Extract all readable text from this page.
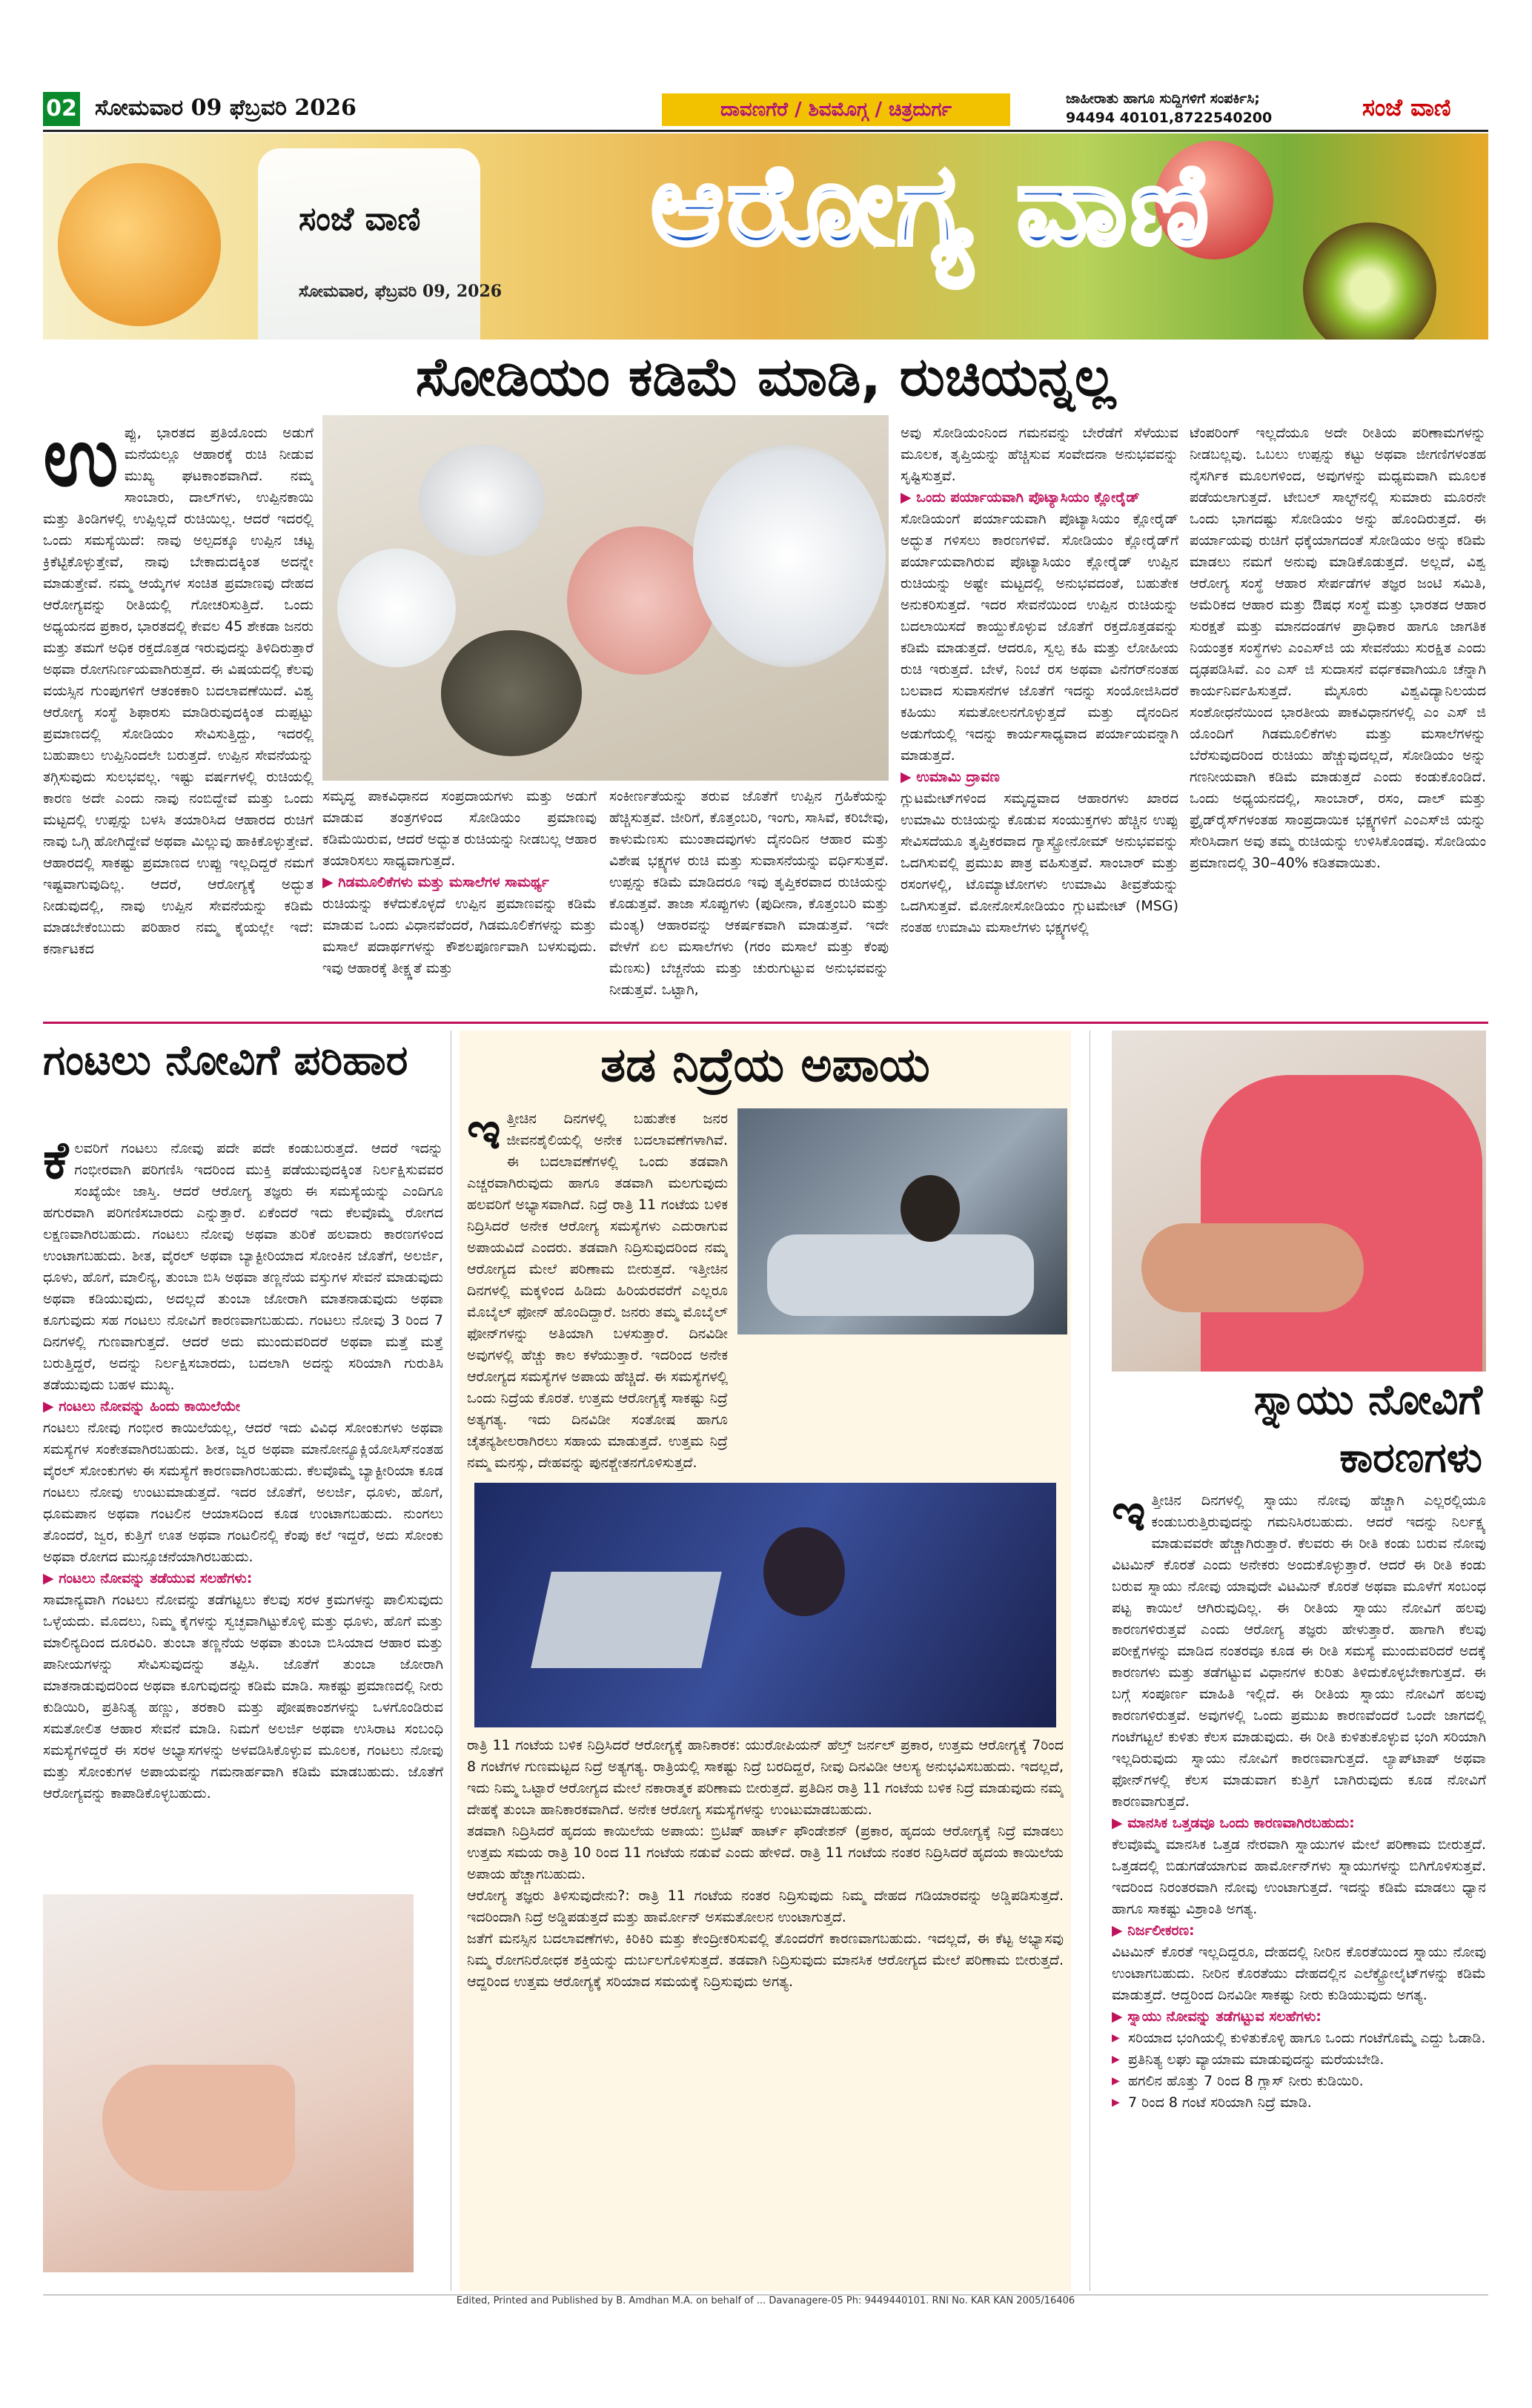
02 ಸೋಮವಾರ 09 ಫೆಬ್ರವರಿ 2026	ದಾವಣಗೆರೆ / ಶಿವಮೊಗ್ಗ / ಚಿತ್ರದುರ್ಗ	ಜಾಹೀರಾತು ಹಾಗೂ ಸುದ್ದಿಗಳಿಗೆ ಸಂಪರ್ಕಿಸಿ;
94494 40101,8722540200	ಸಂಜೆ ವಾಣಿ
ಸಂಜೆ ವಾಣಿ
ಸೋಮವಾರ, ಫೆಬ್ರವರಿ 09, 2026
ಆರೋಗ್ಯ ವಾಣಿ
ಸೋಡಿಯಂ ಕಡಿಮೆ ಮಾಡಿ, ರುಚಿಯನ್ನಲ್ಲ
ಉ ಪ್ಪು, ಭಾರತದ ಪ್ರತಿಯೊಂದು ಅಡುಗೆ ಮನೆಯಲ್ಲೂ ಆಹಾರಕ್ಕೆ ರುಚಿ ನೀಡುವ ಮುಖ್ಯ ಘಟಕಾಂಶವಾಗಿದೆ. ನಮ್ಮ ಸಾಂಬಾರು, ದಾಲ್‌ಗಳು, ಉಪ್ಪಿನಕಾಯಿ ಮತ್ತು ತಿಂಡಿಗಳಲ್ಲಿ ಉಪ್ಪಿಲ್ಲದೆ ರುಚಿಯಿಲ್ಲ. ಆದರೆ ಇದರಲ್ಲಿ ಒಂದು ಸಮಸ್ಯೆಯಿದೆ: ನಾವು ಅಲ್ಪದಕ್ಕೂ ಉಪ್ಪಿನ ಚಟ್ಟ ಕ್ರಿಕೆಟ್ಟಿಕೊಳ್ಳುತ್ತೇವೆ, ನಾವು ಬೇಕಾದುದಕ್ಕಿಂತ ಅದನ್ನೇ ಮಾಡುತ್ತೇವೆ. ನಮ್ಮ ಆಯ್ಕೆಗಳ ಸಂಚಿತ ಪ್ರಮಾಣವು ದೇಹದ ಆರೋಗ್ಯವನ್ನು ರೀತಿಯಲ್ಲಿ ಗೋಚರಿಸುತ್ತಿದೆ. ಒಂದು ಅಧ್ಯಯನದ ಪ್ರಕಾರ, ಭಾರತದಲ್ಲಿ ಕೇವಲ 45 ಶೇಕಡಾ ಜನರು ಮತ್ತು ತಮಗೆ ಅಧಿಕ ರಕ್ತದೊತ್ತಡ ಇರುವುದನ್ನು ತಿಳಿದಿರುತ್ತಾರೆ ಅಥವಾ ರೋಗನಿರ್ಣಯವಾಗಿರುತ್ತದೆ. ಈ ವಿಷಯದಲ್ಲಿ ಕೆಲವು ವಯಸ್ಸಿನ ಗುಂಪುಗಳಿಗೆ ಆತಂಕಕಾರಿ ಬದಲಾವಣೆಯಿದೆ. ವಿಶ್ವ ಆರೋಗ್ಯ ಸಂಸ್ಥೆ ಶಿಫಾರಸು ಮಾಡಿರುವುದಕ್ಕಿಂತ ದುಪ್ಪಟ್ಟು ಪ್ರಮಾಣದಲ್ಲಿ ಸೋಡಿಯಂ ಸೇವಿಸುತ್ತಿದ್ದು, ಇದರಲ್ಲಿ ಬಹುಪಾಲು ಉಪ್ಪಿನಿಂದಲೇ ಬರುತ್ತದೆ. ಉಪ್ಪಿನ ಸೇವನೆಯನ್ನು ತಗ್ಗಿಸುವುದು ಸುಲಭವಲ್ಲ. ಇಷ್ಟು ವರ್ಷಗಳಲ್ಲಿ ರುಚಿಯಲ್ಲಿ ಕಾರಣ ಅದೇ ಎಂದು ನಾವು ನಂಬಿದ್ದೇವೆ ಮತ್ತು ಒಂದು ಮಟ್ಟದಲ್ಲಿ ಉಪ್ಪನ್ನು ಬಳಸಿ ತಯಾರಿಸಿದ ಆಹಾರದ ರುಚಿಗೆ ನಾವು ಒಗ್ಗಿ ಹೋಗಿದ್ದೇವೆ ಅಥವಾ ಮಿಲ್ಲುವು ಹಾಕಿಕೊಳ್ಳುತ್ತೇವೆ. ಆಹಾರದಲ್ಲಿ ಸಾಕಷ್ಟು ಪ್ರಮಾಣದ ಉಪ್ಪು ಇಲ್ಲದಿದ್ದರೆ ನಮಗೆ ಇಷ್ಟವಾಗುವುದಿಲ್ಲ. ಆದರೆ, ಆರೋಗ್ಯಕ್ಕೆ ಅದ್ಭುತ ನೀಡುವುದಲ್ಲಿ, ನಾವು ಉಪ್ಪಿನ ಸೇವನೆಯನ್ನು ಕಡಿಮೆ ಮಾಡಬೇಕೆಂಬುದು ಪರಿಹಾರ ನಮ್ಮ ಕೈಯಲ್ಲೇ ಇದೆ: ಕರ್ನಾಟಕದ
ಸಮೃದ್ಧ ಪಾಕವಿಧಾನದ ಸಂಪ್ರದಾಯಗಳು ಮತ್ತು ಅಡುಗೆ ಮಾಡುವ ತಂತ್ರಗಳಿಂದ ಸೋಡಿಯಂ ಪ್ರಮಾಣವು ಕಡಿಮೆಯಿರುವ, ಆದರೆ ಅದ್ಭುತ ರುಚಿಯನ್ನು ನೀಡಬಲ್ಲ ಆಹಾರ ತಯಾರಿಸಲು ಸಾಧ್ಯವಾಗುತ್ತದೆ.
▶ ಗಿಡಮೂಲಿಕೆಗಳು ಮತ್ತು ಮಸಾಲೆಗಳ ಸಾಮರ್ಥ್ಯ
ರುಚಿಯನ್ನು ಕಳೆದುಕೊಳ್ಳದೆ ಉಪ್ಪಿನ ಪ್ರಮಾಣವನ್ನು ಕಡಿಮೆ ಮಾಡುವ ಒಂದು ವಿಧಾನವೆಂದರೆ, ಗಿಡಮೂಲಿಕೆಗಳನ್ನು ಮತ್ತು ಮಸಾಲೆ ಪದಾರ್ಥಗಳನ್ನು ಕೌಶಲಪೂರ್ಣವಾಗಿ ಬಳಸುವುದು. ಇವು ಆಹಾರಕ್ಕೆ ತೀಕ್ಷ್ಣತೆ ಮತ್ತು
ಸಂಕೀರ್ಣತೆಯನ್ನು ತರುವ ಜೊತೆಗೆ ಉಪ್ಪಿನ ಗ್ರಹಿಕೆಯನ್ನು ಹೆಚ್ಚಿಸುತ್ತವೆ. ಜೀರಿಗೆ, ಕೊತ್ತಂಬರಿ, ಇಂಗು, ಸಾಸಿವೆ, ಕರಿಬೇವು, ಕಾಳುಮೆಣಸು ಮುಂತಾದವುಗಳು ದೈನಂದಿನ ಆಹಾರ ಮತ್ತು ವಿಶೇಷ ಭಕ್ಷ್ಯಗಳ ರುಚಿ ಮತ್ತು ಸುವಾಸನೆಯನ್ನು ವರ್ಧಿಸುತ್ತವೆ. ಉಪ್ಪನ್ನು ಕಡಿಮೆ ಮಾಡಿದರೂ ಇವು ತೃಪ್ತಿಕರವಾದ ರುಚಿಯನ್ನು ಕೊಡುತ್ತವೆ. ತಾಜಾ ಸೊಪ್ಪುಗಳು (ಪುದೀನಾ, ಕೊತ್ತಂಬರಿ ಮತ್ತು ಮೆಂತ್ಯ) ಆಹಾರವನ್ನು ಆಕರ್ಷಕವಾಗಿ ಮಾಡುತ್ತವೆ. ಇದೇ ವೇಳೆಗೆ ಏಲ ಮಸಾಲೆಗಳು (ಗರಂ ಮಸಾಲೆ ಮತ್ತು ಕೆಂಪು ಮೆಣಸು) ಬೆಚ್ಚನೆಯ ಮತ್ತು ಚುರುಗುಟ್ಟುವ ಅನುಭವವನ್ನು ನೀಡುತ್ತವೆ. ಒಟ್ಟಾಗಿ,
ಅವು ಸೋಡಿಯಂನಿಂದ ಗಮನವನ್ನು ಬೇರೆಡೆಗೆ ಸೆಳೆಯುವ ಮೂಲಕ, ತೃಪ್ತಿಯನ್ನು ಹೆಚ್ಚಿಸುವ ಸಂವೇದನಾ ಅನುಭವವನ್ನು ಸೃಷ್ಟಿಸುತ್ತವೆ.
▶ ಒಂದು ಪರ್ಯಾಯವಾಗಿ ಪೊಟ್ಯಾಸಿಯಂ ಕ್ಲೋರೈಡ್
ಸೋಡಿಯಂಗೆ ಪರ್ಯಾಯವಾಗಿ ಪೊಟ್ಯಾಸಿಯಂ ಕ್ಲೋರೈಡ್ ಅದ್ಭುತ ಗಳಿಸಲು ಕಾರಣಗಳಿವೆ. ಸೋಡಿಯಂ ಕ್ಲೋರೈಡ್‌ಗೆ ಪರ್ಯಾಯವಾಗಿರುವ ಪೊಟ್ಯಾಸಿಯಂ ಕ್ಲೋರೈಡ್ ಉಪ್ಪಿನ ರುಚಿಯನ್ನು ಅಷ್ಟೇ ಮಟ್ಟದಲ್ಲಿ ಅನುಭವದಂತೆ, ಬಹುತೇಕ ಅನುಕರಿಸುತ್ತದೆ. ಇದರ ಸೇವನೆಯಿಂದ ಉಪ್ಪಿನ ರುಚಿಯನ್ನು ಬದಲಾಯಿಸದೆ ಕಾಯ್ದುಕೊಳ್ಳುವ ಜೊತೆಗೆ ರಕ್ತದೊತ್ತಡವನ್ನು ಕಡಿಮೆ ಮಾಡುತ್ತದೆ. ಆದರೂ, ಸ್ವಲ್ಪ ಕಹಿ ಮತ್ತು ಲೋಹೀಯ ರುಚಿ ಇರುತ್ತದೆ. ಬೇಳೆ, ನಿಂಬೆ ರಸ ಅಥವಾ ವಿನೆಗರ್‌ನಂತಹ ಬಲವಾದ ಸುವಾಸನೆಗಳ ಜೊತೆಗೆ ಇದನ್ನು ಸಂಯೋಜಿಸಿದರೆ ಕಹಿಯು ಸಮತೋಲನಗೊಳ್ಳುತ್ತದೆ ಮತ್ತು ದೈನಂದಿನ ಅಡುಗೆಯಲ್ಲಿ ಇದನ್ನು ಕಾರ್ಯಸಾಧ್ಯವಾದ ಪರ್ಯಾಯವನ್ನಾಗಿ ಮಾಡುತ್ತದೆ.
▶ ಉಮಾಮಿ ದ್ರಾವಣ
ಗ್ಲುಟಮೇಟ್‌ಗಳಿಂದ ಸಮೃದ್ಧವಾದ ಆಹಾರಗಳು ಖಾರದ ಉಮಾಮಿ ರುಚಿಯನ್ನು ಕೊಡುವ ಸಂಯುಕ್ತಗಳು ಹೆಚ್ಚಿನ ಉಪ್ಪು ಸೇವಿಸದೆಯೂ ತೃಪ್ತಿಕರವಾದ ಗ್ಯಾಸ್ಟ್ರೋನೋಮ್ ಅನುಭವವನ್ನು ಒದಗಿಸುವಲ್ಲಿ ಪ್ರಮುಖ ಪಾತ್ರ ವಹಿಸುತ್ತವೆ. ಸಾಂಬಾರ್ ಮತ್ತು ರಸಂಗಳಲ್ಲಿ, ಟೊಮ್ಯಾಟೋಗಳು ಉಮಾಮಿ ತೀವ್ರತೆಯನ್ನು ಒದಗಿಸುತ್ತವೆ. ಮೋನೋಸೋಡಿಯಂ ಗ್ಲುಟಮೇಟ್ (MSG) ನಂತಹ ಉಮಾಮಿ ಮಸಾಲೆಗಳು ಭಕ್ಷ್ಯಗಳಲ್ಲಿ
ಟೆಂಪರಿಂಗ್ ಇಲ್ಲದೆಯೂ ಅದೇ ರೀತಿಯ ಪರಿಣಾಮಗಳನ್ನು ನೀಡಬಲ್ಲವು. ಒಬಲು ಉಪ್ಪನ್ನು ಕಟ್ಟು ಅಥವಾ ಜೀಗಣಿಗಳಂತಹ ನೈಸರ್ಗಿಕ ಮೂಲಗಳಿಂದ, ಅವುಗಳನ್ನು ಮಧ್ಯಮವಾಗಿ ಮೂಲಕ ಪಡೆಯಲಾಗುತ್ತದೆ. ಟೇಬಲ್ ಸಾಲ್ಟ್‌ನಲ್ಲಿ ಸುಮಾರು ಮೂರನೇ ಒಂದು ಭಾಗದಷ್ಟು ಸೋಡಿಯಂ ಅನ್ನು ಹೊಂದಿರುತ್ತದೆ. ಈ ಪರ್ಯಾಯವು ರುಚಿಗೆ ಧಕ್ಕೆಯಾಗದಂತೆ ಸೋಡಿಯಂ ಅನ್ನು ಕಡಿಮೆ ಮಾಡಲು ನಮಗೆ ಅನುವು ಮಾಡಿಕೊಡುತ್ತದೆ. ಅಲ್ಲದೆ, ವಿಶ್ವ ಆರೋಗ್ಯ ಸಂಸ್ಥೆ ಆಹಾರ ಸೇರ್ಪಡೆಗಳ ತಜ್ಞರ ಜಂಟಿ ಸಮಿತಿ, ಅಮೆರಿಕದ ಆಹಾರ ಮತ್ತು ಔಷಧ ಸಂಸ್ಥೆ ಮತ್ತು ಭಾರತದ ಆಹಾರ ಸುರಕ್ಷತೆ ಮತ್ತು ಮಾನದಂಡಗಳ ಪ್ರಾಧಿಕಾರ ಹಾಗೂ ಜಾಗತಿಕ ನಿಯಂತ್ರಕ ಸಂಸ್ಥೆಗಳು ಎಂಎಸ್‌ಜಿ ಯ ಸೇವನೆಯು ಸುರಕ್ಷಿತ ಎಂದು ದೃಢಪಡಿಸಿವೆ. ಎಂ ಎಸ್ ಜಿ ಸುದಾಸನೆ ವರ್ಧಕವಾಗಿಯೂ ಚೆನ್ನಾಗಿ ಕಾರ್ಯನಿರ್ವಹಿಸುತ್ತದೆ. ಮೈಸೂರು ವಿಶ್ವವಿದ್ಯಾನಿಲಯದ ಸಂಶೋಧನೆಯಿಂದ ಭಾರತೀಯ ಪಾಕವಿಧಾನಗಳಲ್ಲಿ ಎಂ ಎಸ್ ಜಿ ಯೊಂದಿಗೆ ಗಿಡಮೂಲಿಕೆಗಳು ಮತ್ತು ಮಸಾಲೆಗಳನ್ನು ಬೆರೆಸುವುದರಿಂದ ರುಚಿಯು ಹೆಚ್ಚುವುದಲ್ಲದೆ, ಸೋಡಿಯಂ ಅನ್ನು ಗಣನೀಯವಾಗಿ ಕಡಿಮೆ ಮಾಡುತ್ತದೆ ಎಂದು ಕಂಡುಕೊಂಡಿದೆ. ಒಂದು ಅಧ್ಯಯನದಲ್ಲಿ, ಸಾಂಬಾರ್, ರಸಂ, ದಾಲ್ ಮತ್ತು ಫ್ರೈಡ್‌ರೈಸ್‌ಗಳಂತಹ ಸಾಂಪ್ರದಾಯಿಕ ಭಕ್ಷ್ಯಗಳಿಗೆ ಎಂಎಸ್‌ಜಿ ಯನ್ನು ಸೇರಿಸಿದಾಗ ಅವು ತಮ್ಮ ರುಚಿಯನ್ನು ಉಳಿಸಿಕೊಂಡವು. ಸೋಡಿಯಂ ಪ್ರಮಾಣದಲ್ಲಿ 30–40% ಕಡಿತವಾಯಿತು.
ಗಂಟಲು ನೋವಿಗೆ ಪರಿಹಾರ
ಕೆ ಲವರಿಗೆ ಗಂಟಲು ನೋವು ಪದೇ ಪದೇ ಕಂಡುಬರುತ್ತದೆ. ಆದರೆ ಇದನ್ನು ಗಂಭೀರವಾಗಿ ಪರಿಗಣಿಸಿ ಇದರಿಂದ ಮುಕ್ತಿ ಪಡೆಯುವುದಕ್ಕಿಂತ ನಿರ್ಲಕ್ಷಿಸುವವರ ಸಂಖ್ಯೆಯೇ ಜಾಸ್ತಿ. ಆದರೆ ಆರೋಗ್ಯ ತಜ್ಞರು ಈ ಸಮಸ್ಯೆಯನ್ನು ಎಂದಿಗೂ ಹಗುರವಾಗಿ ಪರಿಗಣಿಸಬಾರದು ಎನ್ನುತ್ತಾರೆ. ಏಕೆಂದರೆ ಇದು ಕೆಲವೊಮ್ಮೆ ರೋಗದ ಲಕ್ಷಣವಾಗಿರಬಹುದು. ಗಂಟಲು ನೋವು ಅಥವಾ ತುರಿಕೆ ಹಲವಾರು ಕಾರಣಗಳಿಂದ ಉಂಟಾಗಬಹುದು. ಶೀತ, ವೈರಲ್ ಅಥವಾ ಬ್ಯಾಕ್ಟೀರಿಯಾದ ಸೋಂಕಿನ ಜೊತೆಗೆ, ಅಲರ್ಜಿ, ಧೂಳು, ಹೊಗೆ, ಮಾಲಿನ್ಯ, ತುಂಬಾ ಬಿಸಿ ಅಥವಾ ತಣ್ಣನೆಯ ವಸ್ತುಗಳ ಸೇವನೆ ಮಾಡುವುದು ಅಥವಾ ಕಡಿಯುವುದು, ಅದಲ್ಲದೆ ತುಂಬಾ ಜೋರಾಗಿ ಮಾತನಾಡುವುದು ಅಥವಾ ಕೂಗುವುದು ಸಹ ಗಂಟಲು ನೋವಿಗೆ ಕಾರಣವಾಗಬಹುದು. ಗಂಟಲು ನೋವು 3 ರಿಂದ 7 ದಿನಗಳಲ್ಲಿ ಗುಣವಾಗುತ್ತದೆ. ಆದರೆ ಅದು ಮುಂದುವರಿದರೆ ಅಥವಾ ಮತ್ತೆ ಮತ್ತೆ ಬರುತ್ತಿದ್ದರೆ, ಅದನ್ನು ನಿರ್ಲಕ್ಷಿಸಬಾರದು, ಬದಲಾಗಿ ಅದನ್ನು ಸರಿಯಾಗಿ ಗುರುತಿಸಿ ತಡೆಯುವುದು ಬಹಳ ಮುಖ್ಯ.
▶ ಗಂಟಲು ನೋವನ್ನು ಹಿಂದು ಕಾಯಿಲೆಯೇ
ಗಂಟಲು ನೋವು ಗಂಭೀರ ಕಾಯಿಲೆಯಲ್ಲ, ಆದರೆ ಇದು ವಿವಿಧ ಸೋಂಕುಗಳು ಅಥವಾ ಸಮಸ್ಯೆಗಳ ಸಂಕೇತವಾಗಿರಬಹುದು. ಶೀತ, ಜ್ವರ ಅಥವಾ ಮಾನೋನ್ಯೂಕ್ಲಿಯೋಸಿಸ್‌ನಂತಹ ವೈರಲ್ ಸೋಂಕುಗಳು ಈ ಸಮಸ್ಯೆಗೆ ಕಾರಣವಾಗಿರಬಹುದು. ಕೆಲವೊಮ್ಮೆ ಬ್ಯಾಕ್ಟೀರಿಯಾ ಕೂಡ ಗಂಟಲು ನೋವು ಉಂಟುಮಾಡುತ್ತದೆ. ಇದರ ಜೊತೆಗೆ, ಅಲರ್ಜಿ, ಧೂಳು, ಹೊಗೆ, ಧೂಮಪಾನ ಅಥವಾ ಗಂಟಲಿನ ಆಯಾಸದಿಂದ ಕೂಡ ಉಂಟಾಗಬಹುದು. ನುಂಗಲು ತೊಂದರೆ, ಜ್ವರ, ಕುತ್ತಿಗೆ ಊತ ಅಥವಾ ಗಂಟಲಿನಲ್ಲಿ ಕೆಂಪು ಕಲೆ ಇದ್ದರೆ, ಅದು ಸೋಂಕು ಅಥವಾ ರೋಗದ ಮುನ್ಸೂಚನೆಯಾಗಿರಬಹುದು.
▶ ಗಂಟಲು ನೋವನ್ನು ತಡೆಯುವ ಸಲಹೆಗಳು:
ಸಾಮಾನ್ಯವಾಗಿ ಗಂಟಲು ನೋವನ್ನು ತಡೆಗಟ್ಟಲು ಕೆಲವು ಸರಳ ಕ್ರಮಗಳನ್ನು ಪಾಲಿಸುವುದು ಒಳ್ಳೆಯದು. ಮೊದಲು, ನಿಮ್ಮ ಕೈಗಳನ್ನು ಸ್ವಚ್ಛವಾಗಿಟ್ಟುಕೊಳ್ಳಿ ಮತ್ತು ಧೂಳು, ಹೊಗೆ ಮತ್ತು ಮಾಲಿನ್ಯದಿಂದ ದೂರವಿರಿ. ತುಂಬಾ ತಣ್ಣನೆಯ ಅಥವಾ ತುಂಬಾ ಬಿಸಿಯಾದ ಆಹಾರ ಮತ್ತು ಪಾನೀಯಗಳನ್ನು ಸೇವಿಸುವುದನ್ನು ತಪ್ಪಿಸಿ. ಜೊತೆಗೆ ತುಂಬಾ ಜೋರಾಗಿ ಮಾತನಾಡುವುದರಿಂದ ಅಥವಾ ಕೂಗುವುದನ್ನು ಕಡಿಮೆ ಮಾಡಿ. ಸಾಕಷ್ಟು ಪ್ರಮಾಣದಲ್ಲಿ ನೀರು ಕುಡಿಯಿರಿ, ಪ್ರತಿನಿತ್ಯ ಹಣ್ಣು, ತರಕಾರಿ ಮತ್ತು ಪೋಷಕಾಂಶಗಳನ್ನು ಒಳಗೊಂಡಿರುವ ಸಮತೋಲಿತ ಆಹಾರ ಸೇವನೆ ಮಾಡಿ. ನಿಮಗೆ ಅಲರ್ಜಿ ಅಥವಾ ಉಸಿರಾಟ ಸಂಬಂಧಿ ಸಮಸ್ಯೆಗಳಿದ್ದರೆ ಈ ಸರಳ ಅಭ್ಯಾಸಗಳನ್ನು ಅಳವಡಿಸಿಕೊಳ್ಳುವ ಮೂಲಕ, ಗಂಟಲು ನೋವು ಮತ್ತು ಸೋಂಕುಗಳ ಅಪಾಯವನ್ನು ಗಮನಾರ್ಹವಾಗಿ ಕಡಿಮೆ ಮಾಡಬಹುದು. ಜೊತೆಗೆ ಆರೋಗ್ಯವನ್ನು ಕಾಪಾಡಿಕೊಳ್ಳಬಹುದು.
ತಡ ನಿದ್ರೆಯ ಅಪಾಯ
ಇ ತ್ತೀಚಿನ ದಿನಗಳಲ್ಲಿ ಬಹುತೇಕ ಜನರ ಜೀವನಶೈಲಿಯಲ್ಲಿ ಅನೇಕ ಬದಲಾವಣೆಗಳಾಗಿವೆ. ಈ ಬದಲಾವಣೆಗಳಲ್ಲಿ ಒಂದು ತಡವಾಗಿ ಎಚ್ಚರವಾಗಿರುವುದು ಹಾಗೂ ತಡವಾಗಿ ಮಲಗುವುದು ಹಲವರಿಗೆ ಅಭ್ಯಾಸವಾಗಿದೆ. ನಿದ್ರೆ ರಾತ್ರಿ 11 ಗಂಟೆಯ ಬಳಿಕ ನಿದ್ರಿಸಿದರೆ ಅನೇಕ ಆರೋಗ್ಯ ಸಮಸ್ಯೆಗಳು ಎದುರಾಗುವ ಅಪಾಯವಿದೆ ಎಂದರು. ತಡವಾಗಿ ನಿದ್ರಿಸುವುದರಿಂದ ನಮ್ಮ ಆರೋಗ್ಯದ ಮೇಲೆ ಪರಿಣಾಮ ಬೀರುತ್ತದೆ. ಇತ್ತೀಚಿನ ದಿನಗಳಲ್ಲಿ ಮಕ್ಕಳಿಂದ ಹಿಡಿದು ಹಿರಿಯರವರೆಗೆ ಎಲ್ಲರೂ ಮೊಬೈಲ್ ಫೋನ್ ಹೊಂದಿದ್ದಾರೆ. ಜನರು ತಮ್ಮ ಮೊಬೈಲ್ ಫೋನ್‌ಗಳನ್ನು ಅತಿಯಾಗಿ ಬಳಸುತ್ತಾರೆ. ದಿನವಿಡೀ ಅವುಗಳಲ್ಲಿ ಹೆಚ್ಚು ಕಾಲ ಕಳೆಯುತ್ತಾರೆ. ಇದರಿಂದ ಅನೇಕ ಆರೋಗ್ಯದ ಸಮಸ್ಯೆಗಳ ಅಪಾಯ ಹೆಚ್ಚಿದೆ. ಈ ಸಮಸ್ಯೆಗಳಲ್ಲಿ ಒಂದು ನಿದ್ರೆಯ ಕೊರತೆ. ಉತ್ತಮ ಆರೋಗ್ಯಕ್ಕೆ ಸಾಕಷ್ಟು ನಿದ್ರೆ ಅತ್ಯಗತ್ಯ. ಇದು ದಿನವಿಡೀ ಸಂತೋಷ ಹಾಗೂ ಚೈತನ್ಯಶೀಲರಾಗಿರಲು ಸಹಾಯ ಮಾಡುತ್ತದೆ. ಉತ್ತಮ ನಿದ್ರೆ ನಮ್ಮ ಮನಸ್ಸು, ದೇಹವನ್ನು ಪುನಶ್ಚೇತನಗೊಳಿಸುತ್ತದೆ.
ರಾತ್ರಿ 11 ಗಂಟೆಯ ಬಳಿಕ ನಿದ್ರಿಸಿದರೆ ಆರೋಗ್ಯಕ್ಕೆ ಹಾನಿಕಾರಕ: ಯುರೋಪಿಯನ್ ಹೆಲ್ತ್ ಜರ್ನಲ್ ಪ್ರಕಾರ, ಉತ್ತಮ ಆರೋಗ್ಯಕ್ಕೆ 7ರಿಂದ 8 ಗಂಟೆಗಳ ಗುಣಮಟ್ಟದ ನಿದ್ರೆ ಅತ್ಯಗತ್ಯ. ರಾತ್ರಿಯಲ್ಲಿ ಸಾಕಷ್ಟು ನಿದ್ರೆ ಬರದಿದ್ದರೆ, ನೀವು ದಿನವಿಡೀ ಆಲಸ್ಯ ಅನುಭವಿಸಬಹುದು. ಇದಲ್ಲದೆ, ಇದು ನಿಮ್ಮ ಒಟ್ಟಾರೆ ಆರೋಗ್ಯದ ಮೇಲೆ ನಕಾರಾತ್ಮಕ ಪರಿಣಾಮ ಬೀರುತ್ತದೆ. ಪ್ರತಿದಿನ ರಾತ್ರಿ 11 ಗಂಟೆಯ ಬಳಿಕ ನಿದ್ರೆ ಮಾಡುವುದು ನಮ್ಮ ದೇಹಕ್ಕೆ ತುಂಬಾ ಹಾನಿಕಾರಕವಾಗಿದೆ. ಅನೇಕ ಆರೋಗ್ಯ ಸಮಸ್ಯೆಗಳನ್ನು ಉಂಟುಮಾಡಬಹುದು.
ತಡವಾಗಿ ನಿದ್ರಿಸಿದರೆ ಹೃದಯ ಕಾಯಿಲೆಯ ಅಪಾಯ: ಬ್ರಿಟಿಷ್ ಹಾರ್ಟ್ ಫೌಂಡೇಶನ್ (ಪ್ರಕಾರ, ಹೃದಯ ಆರೋಗ್ಯಕ್ಕೆ ನಿದ್ರೆ ಮಾಡಲು ಉತ್ತಮ ಸಮಯ ರಾತ್ರಿ 10 ರಿಂದ 11 ಗಂಟೆಯ ನಡುವೆ ಎಂದು ಹೇಳಿದೆ. ರಾತ್ರಿ 11 ಗಂಟೆಯ ನಂತರ ನಿದ್ರಿಸಿದರೆ ಹೃದಯ ಕಾಯಿಲೆಯ ಅಪಾಯ ಹೆಚ್ಚಾಗಬಹುದು.
ಆರೋಗ್ಯ ತಜ್ಞರು ತಿಳಿಸುವುದೇನು?: ರಾತ್ರಿ 11 ಗಂಟೆಯ ನಂತರ ನಿದ್ರಿಸುವುದು ನಿಮ್ಮ ದೇಹದ ಗಡಿಯಾರವನ್ನು ಅಡ್ಡಿಪಡಿಸುತ್ತದೆ. ಇದರಿಂದಾಗಿ ನಿದ್ರೆ ಅಡ್ಡಿಪಡುತ್ತದೆ ಮತ್ತು ಹಾರ್ಮೋನ್ ಅಸಮತೋಲನ ಉಂಟಾಗುತ್ತದೆ.
ಜತೆಗೆ ಮನಸ್ಸಿನ ಬದಲಾವಣೆಗಳು, ಕಿರಿಕಿರಿ ಮತ್ತು ಕೇಂದ್ರೀಕರಿಸುವಲ್ಲಿ ತೊಂದರೆಗೆ ಕಾರಣವಾಗಬಹುದು. ಇದಲ್ಲದೆ, ಈ ಕೆಟ್ಟ ಅಭ್ಯಾಸವು ನಿಮ್ಮ ರೋಗನಿರೋಧಕ ಶಕ್ತಿಯನ್ನು ದುರ್ಬಲಗೊಳಿಸುತ್ತದೆ. ತಡವಾಗಿ ನಿದ್ರಿಸುವುದು ಮಾನಸಿಕ ಆರೋಗ್ಯದ ಮೇಲೆ ಪರಿಣಾಮ ಬೀರುತ್ತದೆ. ಆದ್ದರಿಂದ ಉತ್ತಮ ಆರೋಗ್ಯಕ್ಕೆ ಸರಿಯಾದ ಸಮಯಕ್ಕೆ ನಿದ್ರಿಸುವುದು ಅಗತ್ಯ.
ಸ್ನಾಯು ನೋವಿಗೆ ಕಾರಣಗಳು
ಇ ತ್ತೀಚಿನ ದಿನಗಳಲ್ಲಿ ಸ್ನಾಯು ನೋವು ಹೆಚ್ಚಾಗಿ ಎಲ್ಲರಲ್ಲಿಯೂ ಕಂಡುಬರುತ್ತಿರುವುದನ್ನು ಗಮನಿಸಿರಬಹುದು. ಆದರೆ ಇದನ್ನು ನಿರ್ಲಕ್ಷ್ಯ ಮಾಡುವವರೇ ಹೆಚ್ಚಾಗಿರುತ್ತಾರೆ. ಕೆಲವರು ಈ ರೀತಿ ಕಂಡು ಬರುವ ನೋವು ವಿಟಮಿನ್ ಕೊರತೆ ಎಂದು ಅನೇಕರು ಅಂದುಕೊಳ್ಳುತ್ತಾರೆ. ಆದರೆ ಈ ರೀತಿ ಕಂಡು ಬರುವ ಸ್ನಾಯು ನೋವು ಯಾವುದೇ ವಿಟಮಿನ್ ಕೊರತೆ ಅಥವಾ ಮೂಳೆಗೆ ಸಂಬಂಧ ಪಟ್ಟ ಕಾಯಿಲೆ ಆಗಿರುವುದಿಲ್ಲ. ಈ ರೀತಿಯ ಸ್ನಾಯು ನೋವಿಗೆ ಹಲವು ಕಾರಣಗಳಿರುತ್ತವೆ ಎಂದು ಆರೋಗ್ಯ ತಜ್ಞರು ಹೇಳುತ್ತಾರೆ. ಹಾಗಾಗಿ ಕೆಲವು ಪರೀಕ್ಷೆಗಳನ್ನು ಮಾಡಿದ ನಂತರವೂ ಕೂಡ ಈ ರೀತಿ ಸಮಸ್ಯೆ ಮುಂದುವರಿದರೆ ಅದಕ್ಕೆ ಕಾರಣಗಳು ಮತ್ತು ತಡೆಗಟ್ಟುವ ವಿಧಾನಗಳ ಕುರಿತು ತಿಳಿದುಕೊಳ್ಳಬೇಕಾಗುತ್ತದೆ. ಈ ಬಗ್ಗೆ ಸಂಪೂರ್ಣ ಮಾಹಿತಿ ಇಲ್ಲಿದೆ. ಈ ರೀತಿಯ ಸ್ನಾಯು ನೋವಿಗೆ ಹಲವು ಕಾರಣಗಳಿರುತ್ತವೆ. ಅವುಗಳಲ್ಲಿ ಒಂದು ಪ್ರಮುಖ ಕಾರಣವೆಂದರೆ ಒಂದೇ ಜಾಗದಲ್ಲಿ ಗಂಟೆಗಟ್ಟಲೆ ಕುಳಿತು ಕೆಲಸ ಮಾಡುವುದು. ಈ ರೀತಿ ಕುಳಿತುಕೊಳ್ಳುವ ಭಂಗಿ ಸರಿಯಾಗಿ ಇಲ್ಲದಿರುವುದು ಸ್ನಾಯು ನೋವಿಗೆ ಕಾರಣವಾಗುತ್ತದೆ. ಲ್ಯಾಪ್‌ಟಾಪ್ ಅಥವಾ ಫೋನ್‌ಗಳಲ್ಲಿ ಕೆಲಸ ಮಾಡುವಾಗ ಕುತ್ತಿಗೆ ಬಾಗಿರುವುದು ಕೂಡ ನೋವಿಗೆ ಕಾರಣವಾಗುತ್ತದೆ.
▶ ಮಾನಸಿಕ ಒತ್ತಡವೂ ಒಂದು ಕಾರಣವಾಗಿರಬಹುದು:
ಕೆಲವೊಮ್ಮೆ ಮಾನಸಿಕ ಒತ್ತಡ ನೇರವಾಗಿ ಸ್ನಾಯುಗಳ ಮೇಲೆ ಪರಿಣಾಮ ಬೀರುತ್ತದೆ. ಒತ್ತಡದಲ್ಲಿ ಬಿಡುಗಡೆಯಾಗುವ ಹಾರ್ಮೋನ್‌ಗಳು ಸ್ನಾಯುಗಳನ್ನು ಬಿಗಿಗೊಳಿಸುತ್ತವೆ. ಇದರಿಂದ ನಿರಂತರವಾಗಿ ನೋವು ಉಂಟಾಗುತ್ತದೆ. ಇದನ್ನು ಕಡಿಮೆ ಮಾಡಲು ಧ್ಯಾನ ಹಾಗೂ ಸಾಕಷ್ಟು ವಿಶ್ರಾಂತಿ ಅಗತ್ಯ.
▶ ನಿರ್ಜಲೀಕರಣ:
ವಿಟಮಿನ್ ಕೊರತೆ ಇಲ್ಲದಿದ್ದರೂ, ದೇಹದಲ್ಲಿ ನೀರಿನ ಕೊರತೆಯಿಂದ ಸ್ನಾಯು ನೋವು ಉಂಟಾಗಬಹುದು. ನೀರಿನ ಕೊರತೆಯು ದೇಹದಲ್ಲಿನ ಎಲೆಕ್ಟ್ರೋಲೈಟ್‌ಗಳನ್ನು ಕಡಿಮೆ ಮಾಡುತ್ತದೆ. ಆದ್ದರಿಂದ ದಿನವಿಡೀ ಸಾಕಷ್ಟು ನೀರು ಕುಡಿಯುವುದು ಅಗತ್ಯ.
▶ ಸ್ನಾಯು ನೋವನ್ನು ತಡೆಗಟ್ಟುವ ಸಲಹೆಗಳು:
▶ ಸರಿಯಾದ ಭಂಗಿಯಲ್ಲಿ ಕುಳಿತುಕೊಳ್ಳಿ ಹಾಗೂ ಒಂದು ಗಂಟೆಗೊಮ್ಮೆ ಎದ್ದು ಓಡಾಡಿ.
▶ ಪ್ರತಿನಿತ್ಯ ಲಘು ವ್ಯಾಯಾಮ ಮಾಡುವುದನ್ನು ಮರೆಯಬೇಡಿ.
▶ ಹಗಲಿನ ಹೊತ್ತು 7 ರಿಂದ 8 ಗ್ಲಾಸ್ ನೀರು ಕುಡಿಯಿರಿ.
▶ 7 ರಿಂದ 8 ಗಂಟೆ ಸರಿಯಾಗಿ ನಿದ್ರೆ ಮಾಡಿ.
Edited, Printed and Published by B. Amdhan M.A. on behalf of ... Davanagere-05 Ph: 9449440101. RNI No. KAR KAN 2005/16406
